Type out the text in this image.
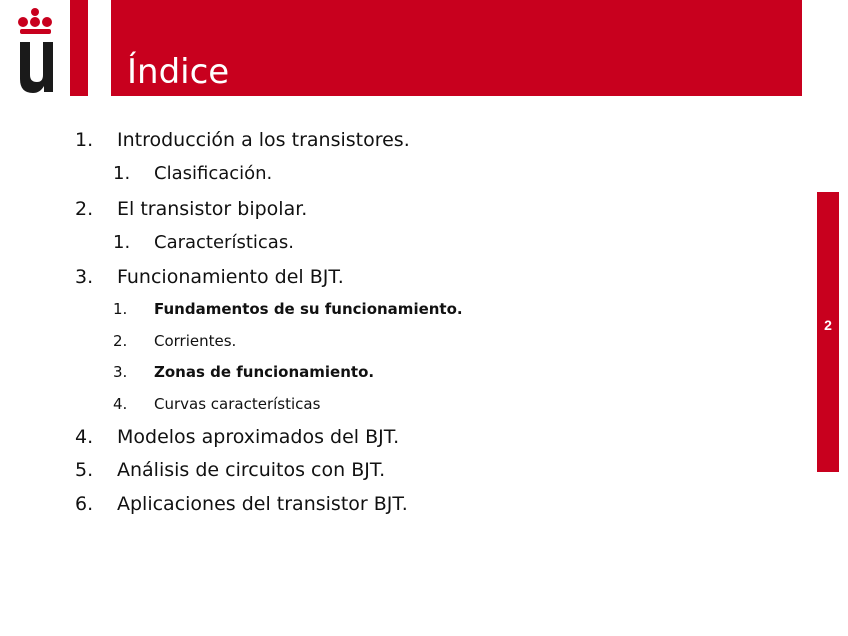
Índice
2
1. Introducción a los transistores.
1. Clasificación.
2. El transistor bipolar.
1. Características.
3. Funcionamiento del BJT.
1. Fundamentos de su funcionamiento.
2. Corrientes.
3. Zonas de funcionamiento.
4. Curvas características
4. Modelos aproximados del BJT.
5. Análisis de circuitos con BJT.
6. Aplicaciones del transistor BJT.
